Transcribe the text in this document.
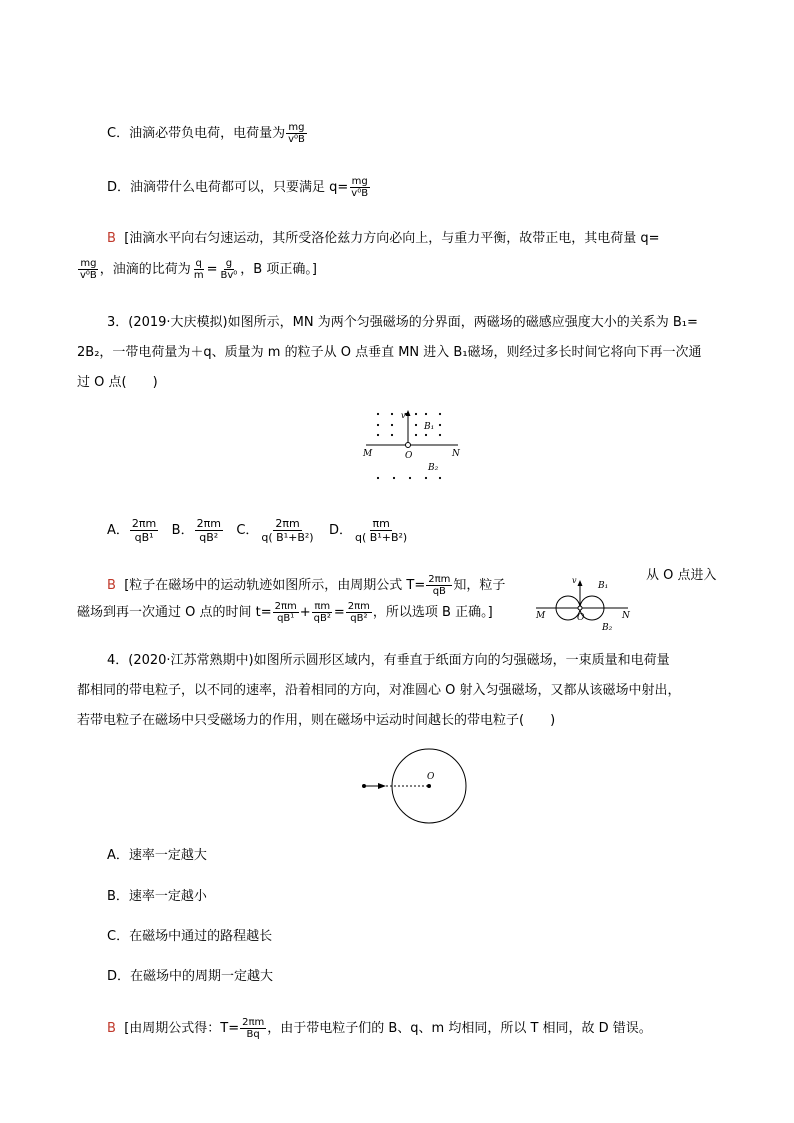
C．油滴必带负电荷，电荷量为 $\frac{mg}{\text{v⁰B}}$
D．油滴带什么电荷都可以，只要满足 $q= \frac{mg}{\text{v⁰B}}$
B [油滴水平向右匀速运动，其所受洛伦兹力方向必向上，与重力平衡，故带正电，其电荷量 q=
$\frac{mg}{\text{v⁰B}}$ ，油滴的比荷为 $\frac{q}{m} = \frac{g}{\text{Bv⁰}}$ ，B 项正确。]
3．(2019·大庆模拟)如图所示，MN 为两个匀强磁场的分界面，两磁场的磁感应强度大小的关系为 B₁=
2B₂，一带电荷量为＋q、质量为 m 的粒子从 O 点垂直 MN 进入 B₁磁场，则经过多长时间它将向下再一次通
过 O 点(　　)
v
B₁
B₂
M	O	N
A． $\frac{2\pi m}{\text{qB¹}}$ B． $\frac{2\pi m}{\text{qB²}}$ C． $\frac{2\pi m}{\text{q( B¹+B²)}}$ D． $\frac{\pi m}{\text{q( B¹+B²)}}$
B [粒子在磁场中的运动轨迹如图所示，由周期公式 $T= \frac{2\pi m}{qB}$ 知，粒子
从 O 点进入
磁场到再一次通过 O 点的时间 $t= \frac{2\pi m}{\text{qB¹}} + \frac{\pi m}{\text{qB²}} = \frac{2\pi m}{\text{qB²}}$ ，所以选项 B 正确。]
v
B₁
B₂
M	O	N
4．(2020·江苏常熟期中)如图所示圆形区域内，有垂直于纸面方向的匀强磁场，一束质量和电荷量
都相同的带电粒子，以不同的速率，沿着相同的方向，对准圆心 O 射入匀强磁场，又都从该磁场中射出，
若带电粒子在磁场中只受磁场力的作用，则在磁场中运动时间越长的带电粒子(　　)
O
A．速率一定越大
B．速率一定越小
C．在磁场中通过的路程越长
D．在磁场中的周期一定越大
B [由周期公式得：$T= \frac{2\pi m}{Bq}$ ，由于带电粒子们的 B、q、m 均相同，所以 T 相同，故 D 错误。
